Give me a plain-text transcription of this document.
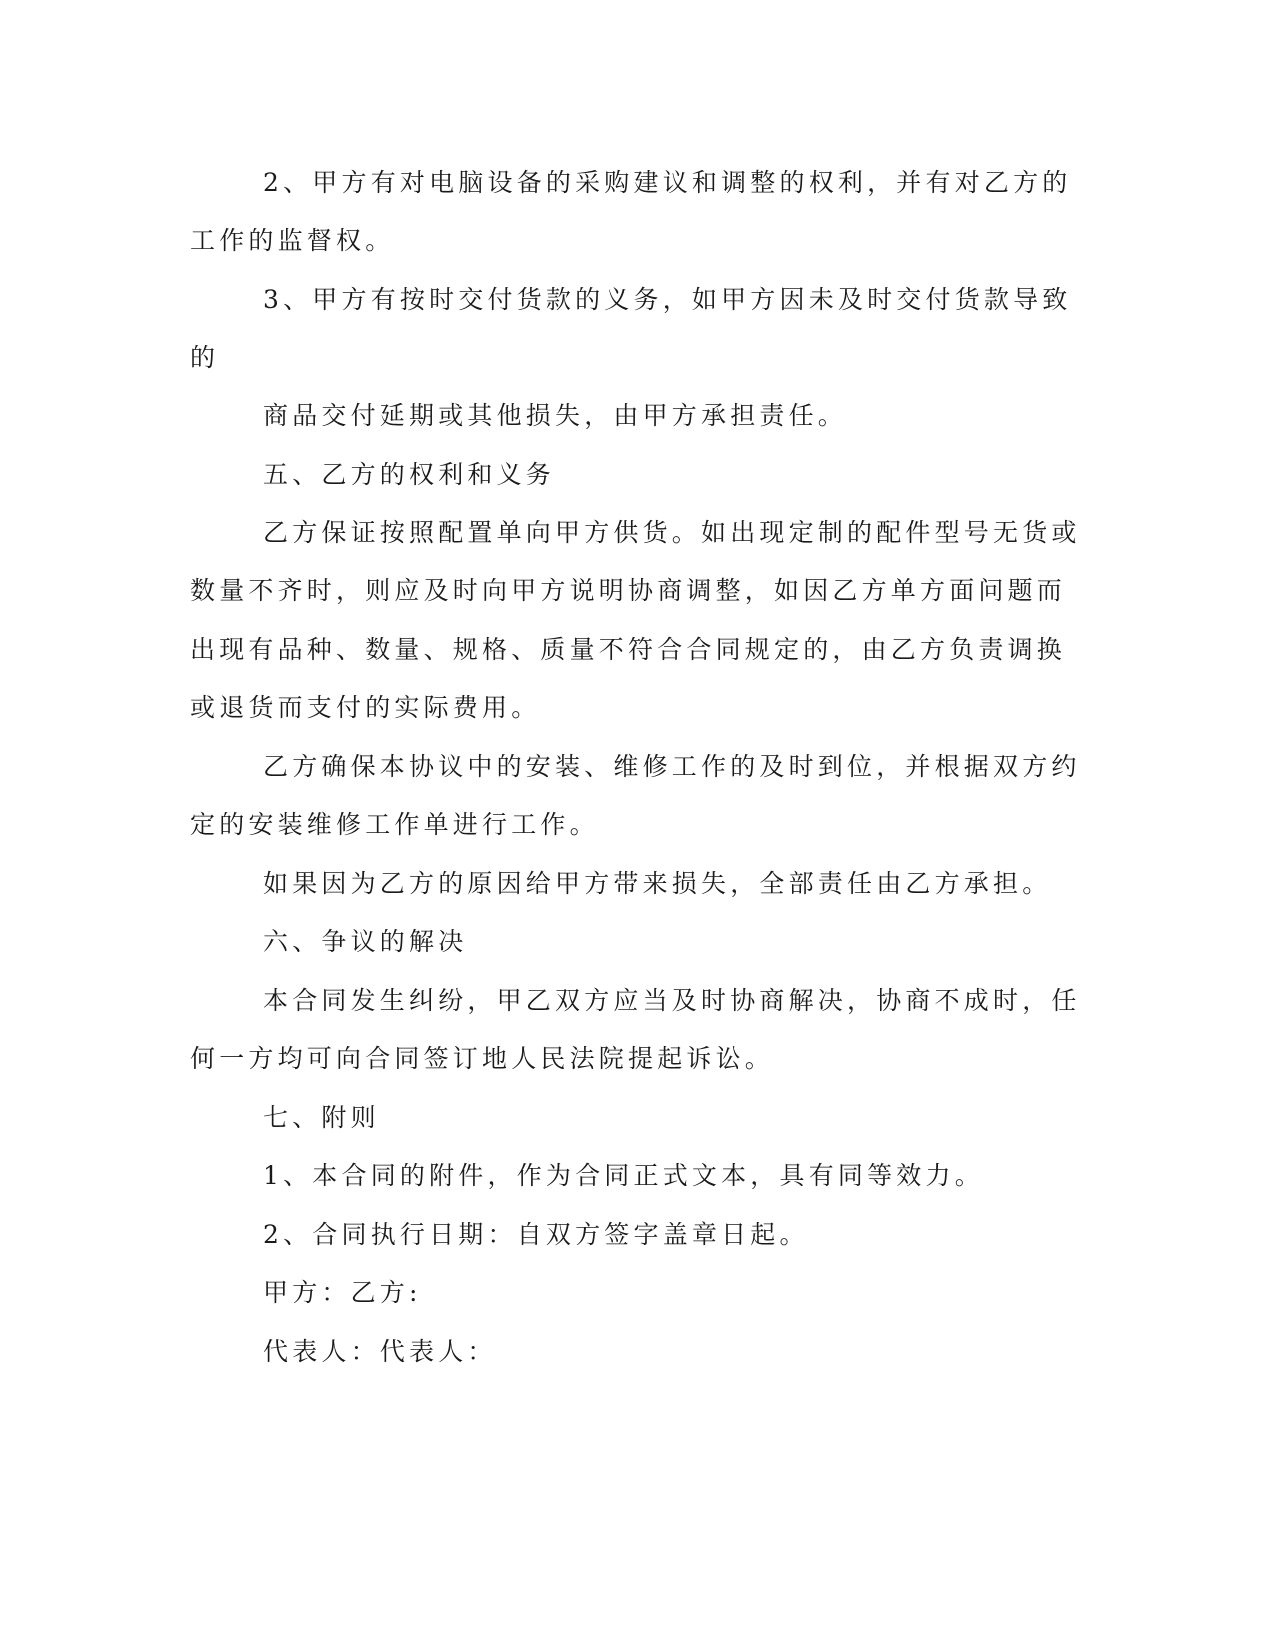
2、甲方有对电脑设备的采购建议和调整的权利，并有对乙方的
工作的监督权。
3、甲方有按时交付货款的义务，如甲方因未及时交付货款导致
的
商品交付延期或其他损失，由甲方承担责任。
五、乙方的权利和义务
乙方保证按照配置单向甲方供货。如出现定制的配件型号无货或
数量不齐时，则应及时向甲方说明协商调整，如因乙方单方面问题而
出现有品种、数量、规格、质量不符合合同规定的，由乙方负责调换
或退货而支付的实际费用。
乙方确保本协议中的安装、维修工作的及时到位，并根据双方约
定的安装维修工作单进行工作。
如果因为乙方的原因给甲方带来损失，全部责任由乙方承担。
六、争议的解决
本合同发生纠纷，甲乙双方应当及时协商解决，协商不成时，任
何一方均可向合同签订地人民法院提起诉讼。
七、附则
1、本合同的附件，作为合同正式文本，具有同等效力。
2、合同执行日期：自双方签字盖章日起。
甲方：乙方:
代表人：代表人：
